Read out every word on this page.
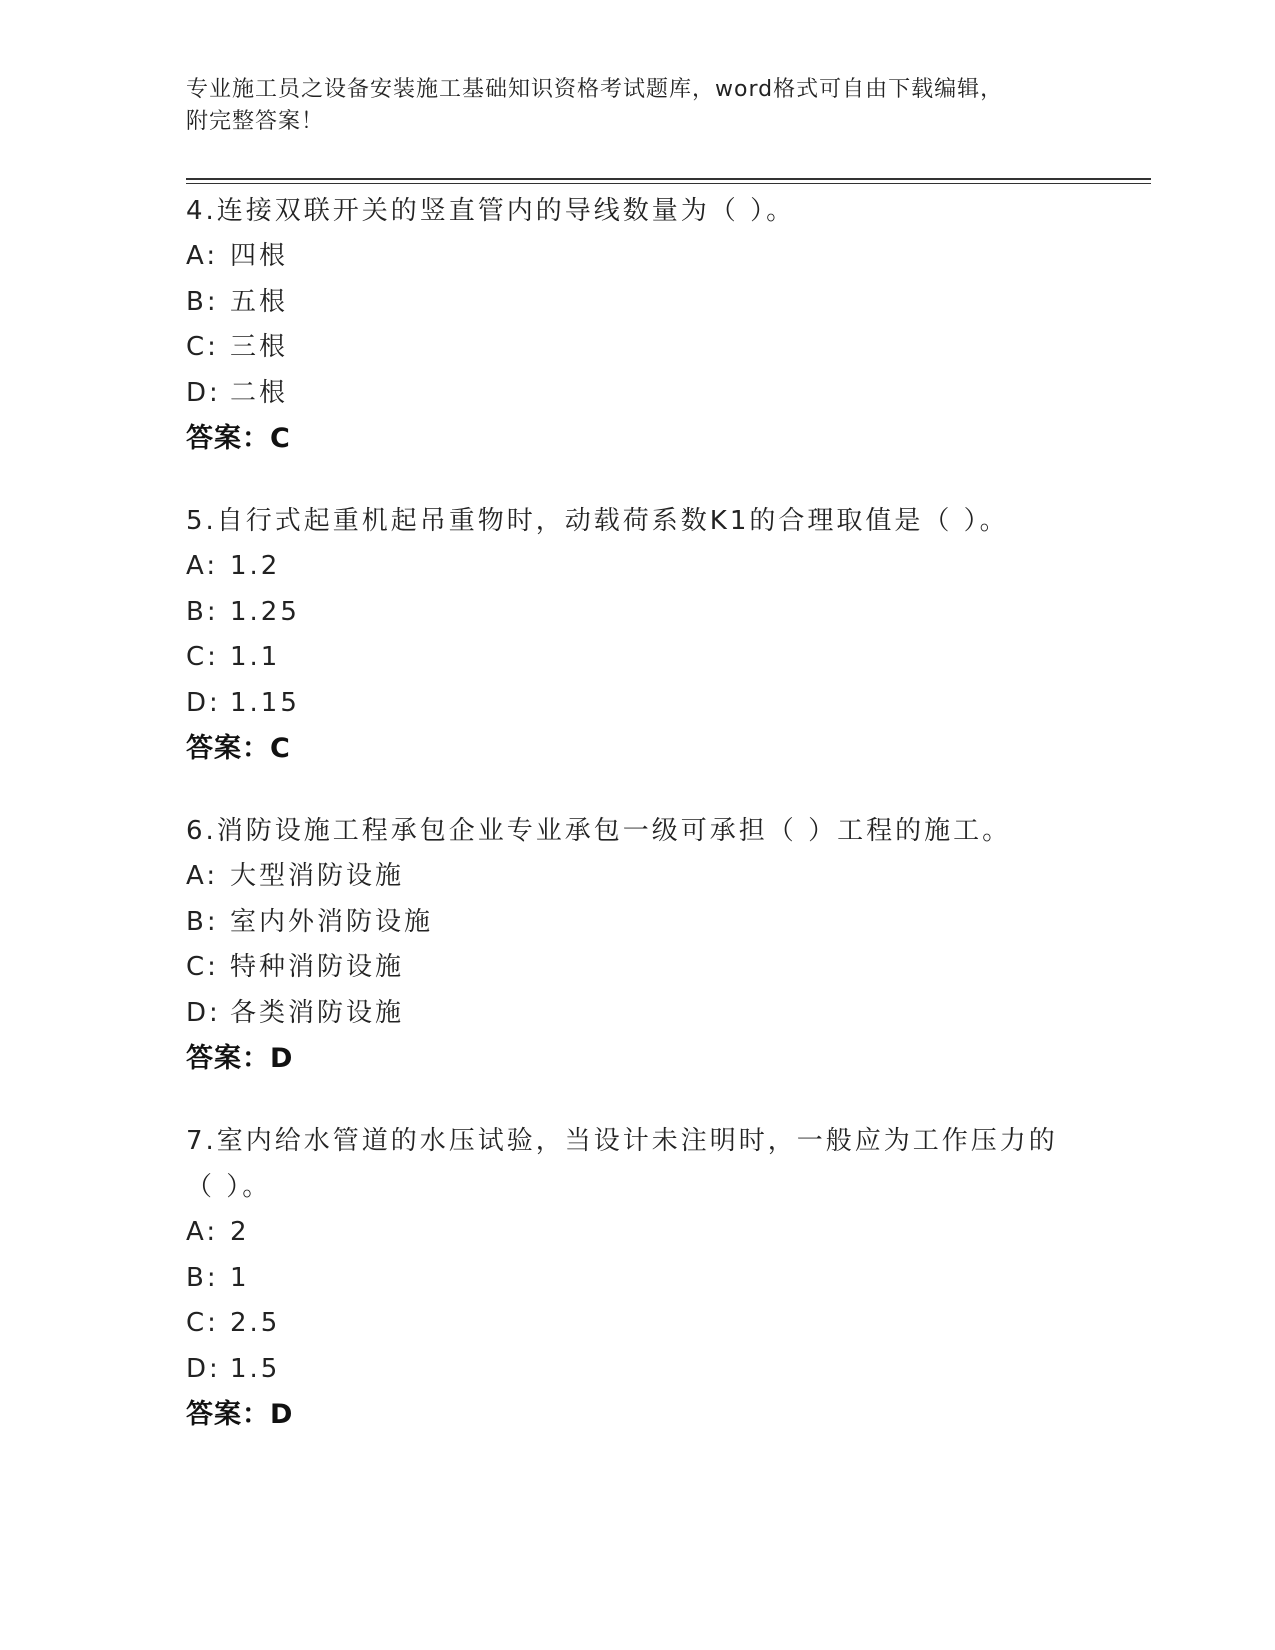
专业施工员之设备安装施工基础知识资格考试题库，word格式可自由下载编辑，
附完整答案！
4.连接双联开关的竖直管内的导线数量为（ ）。
A: 四根
B: 五根
C: 三根
D: 二根
答案：C
5.自行式起重机起吊重物时，动载荷系数K1的合理取值是（ ）。
A: 1.2
B: 1.25
C: 1.1
D: 1.15
答案：C
6.消防设施工程承包企业专业承包一级可承担（ ）工程的施工。
A: 大型消防设施
B: 室内外消防设施
C: 特种消防设施
D: 各类消防设施
答案：D
7.室内给水管道的水压试验，当设计未注明时，一般应为工作压力的
（ ）。
A: 2
B: 1
C: 2.5
D: 1.5
答案：D
